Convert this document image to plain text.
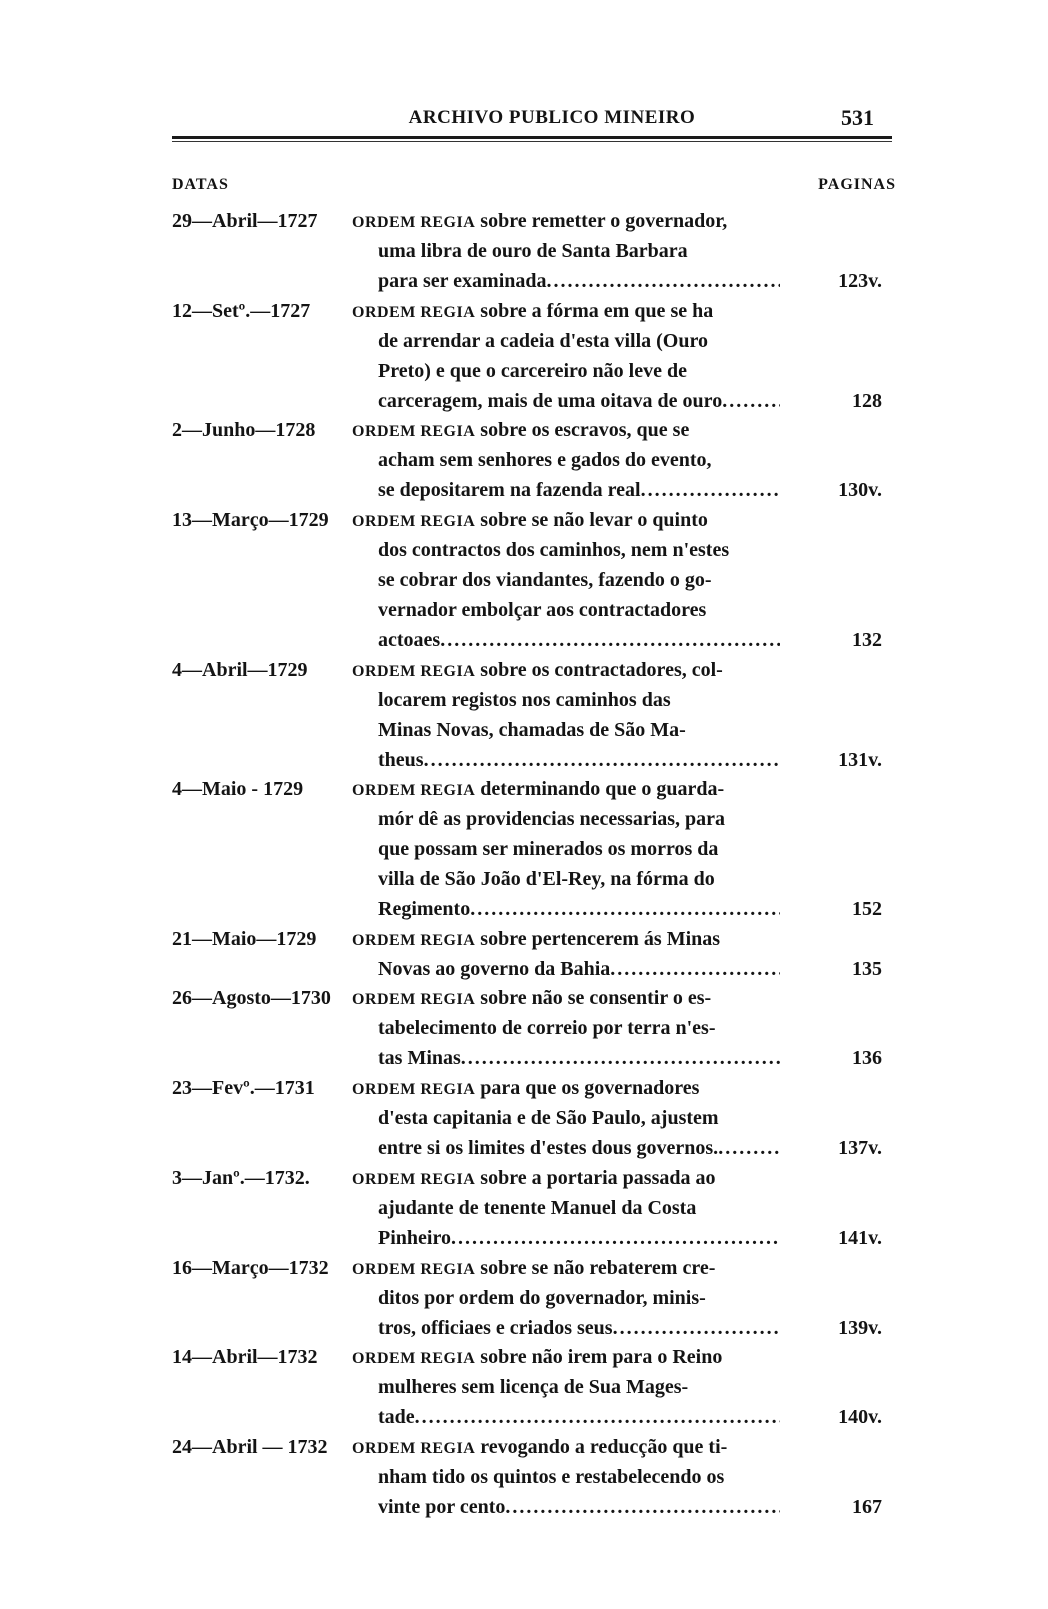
ARCHIVO PUBLICO MINEIRO	531
DATAS	PAGINAS
29—Abril—1727	ORDEM REGIA sobre remetter o governador,
uma libra de ouro de Santa Barbara
para ser examinada .....	123v.
12—Setº.—1727	ORDEM REGIA sobre a fórma em que se ha
de arrendar a cadeia d'esta villa (Ouro
Preto) e que o carcereiro não leve de
carceragem, mais de uma oitava de ouro .....	128
2—Junho—1728	ORDEM REGIA sobre os escravos, que se
acham sem senhores e gados do evento,
se depositarem na fazenda real .....	130v.
13—Março—1729	ORDEM REGIA sobre se não levar o quinto
dos contractos dos caminhos, nem n'estes
se cobrar dos viandantes, fazendo o go-
vernador embolçar aos contractadores
actoaes .....	132
4—Abril—1729	ORDEM REGIA sobre os contractadores, col-
locarem registos nos caminhos das
Minas Novas, chamadas de São Ma-
theus .....	131v.
4—Maio - 1729	ORDEM REGIA determinando que o guarda-
mór dê as providencias necessarias, para
que possam ser minerados os morros da
villa de São João d'El-Rey, na fórma do
Regimento .....	152
21—Maio—1729	ORDEM REGIA sobre pertencerem ás Minas
Novas ao governo da Bahia .....	135
26—Agosto—1730	ORDEM REGIA sobre não se consentir o es-
tabelecimento de correio por terra n'es-
tas Minas .....	136
23—Fevº.—1731	ORDEM REGIA para que os governadores
d'esta capitania e de São Paulo, ajustem
entre si os limites d'estes dous governos. .....	137v.
3—Janº.—1732.	ORDEM REGIA sobre a portaria passada ao
ajudante de tenente Manuel da Costa
Pinheiro .....	141v.
16—Março—1732	ORDEM REGIA sobre se não rebaterem cre-
ditos por ordem do governador, minis-
tros, officiaes e criados seus .....	139v.
14—Abril—1732	ORDEM REGIA sobre não irem para o Reino
mulheres sem licença de Sua Mages-
tade .....	140v.
24—Abril — 1732	ORDEM REGIA revogando a reducção que ti-
nham tido os quintos e restabelecendo os
vinte por cento .....	167
